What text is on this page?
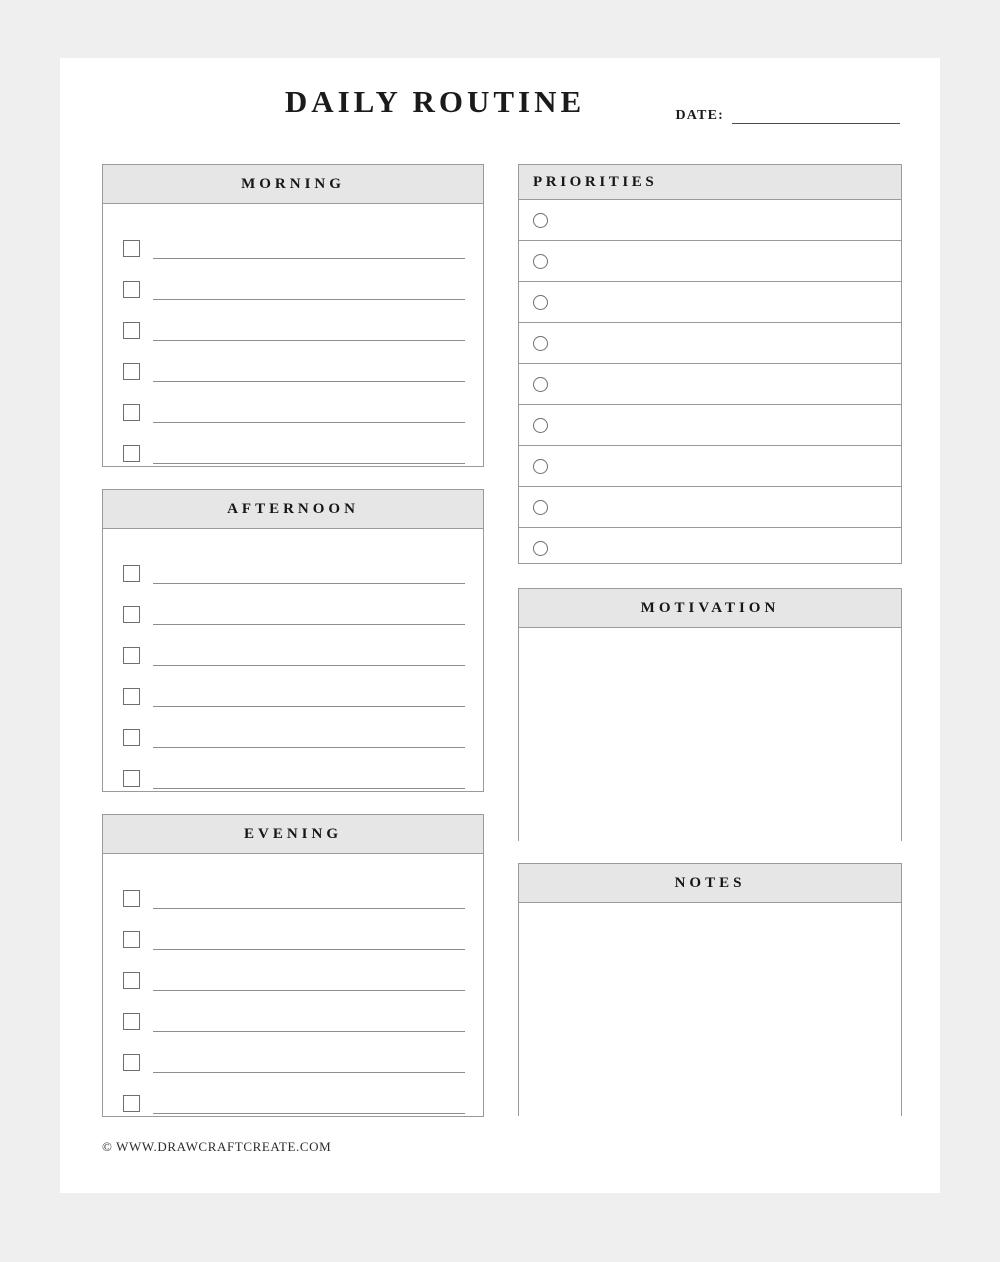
DAILY ROUTINE	DATE:
MORNING
AFTERNOON
EVENING
PRIORITIES
MOTIVATION
NOTES
© WWW.DRAWCRAFTCREATE.COM
